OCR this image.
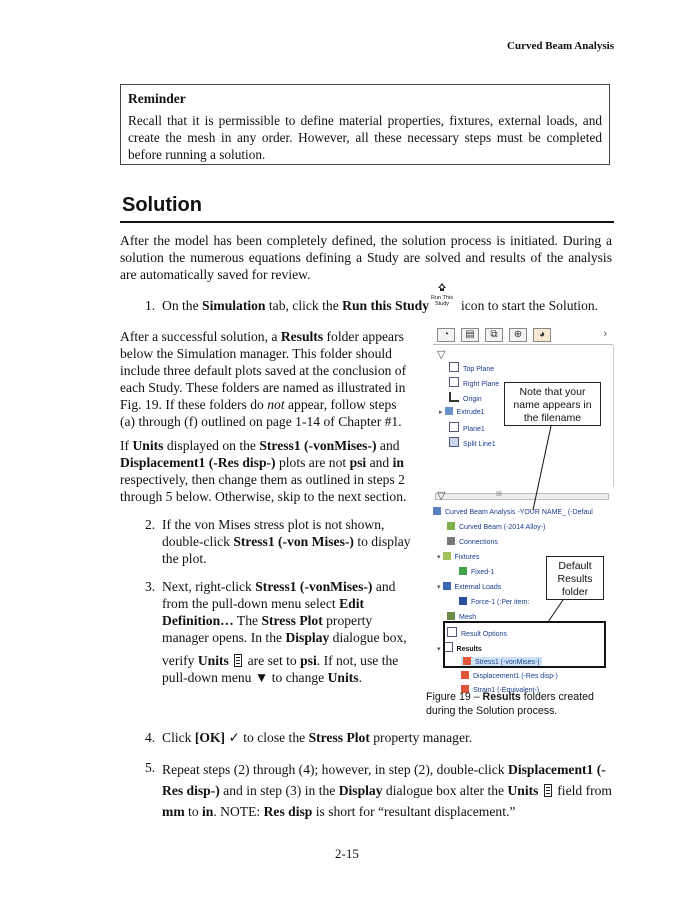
Curved Beam Analysis
Reminder
Recall that it is permissible to define material properties, fixtures, external loads, and create the mesh in any order. However, all these necessary steps must be completed before running a solution.
Solution
After the model has been completely defined, the solution process is initiated. During a solution the numerous equations defining a Study are solved and results of the analysis are automatically saved for review.
1. On the Simulation tab, click the Run this Study Run This
Study icon to start the Solution.
After a successful solution, a Results folder appears below the Simulation manager. This folder should include three default plots saved at the conclusion of each Study. These folders are named as illustrated in Fig. 19. If these folders do not appear, follow steps (a) through (f) outlined on page 1-14 of Chapter #1.
If Units displayed on the Stress1 (-vonMises-) and Displacement1 (-Res disp-) plots are not psi and in respectively, then change them as outlined in steps 2 through 5 below. Otherwise, skip to the next section.
2. If the von Mises stress plot is not shown, double-click Stress1 (-von Mises-) to display the plot.
3. Next, right-click Stress1 (-vonMises-) and from the pull-down menu select Edit Definition… The Stress Plot property manager opens. In the Display dialogue box,
verify Units  are set to psi. If not, use the pull-down menu ▼ to change Units.
◔	▤	⧉	⊕	◕	›
▽
Top Plane
Right Plane
Origin
▸ Extrude1
Plane1
Split Line1
III
▽
Curved Beam Analysis -YOUR NAME_ (-Defaul
Curved Beam (-2014 Alloy-)
Connections
▾ Fixtures
Fixed-1
▾ External Loads
Force-1 (:Per item:
Mesh
Result Options
▾ Results
Stress1 (-vonMises-)
Displacement1 (-Res disp-)
Strain1 (-Equivalent-)
Note that your name appears in the filename
Default Results folder
Figure 19 – Results folders created during the Solution process.
4. Click [OK] ✓ to close the Stress Plot property manager.
5. Repeat steps (2) through (4); however, in step (2), double-click Displacement1 (-Res disp-) and in step (3) in the Display dialogue box alter the Units  field from mm to in. NOTE: Res disp is short for “resultant displacement.”
2-15
